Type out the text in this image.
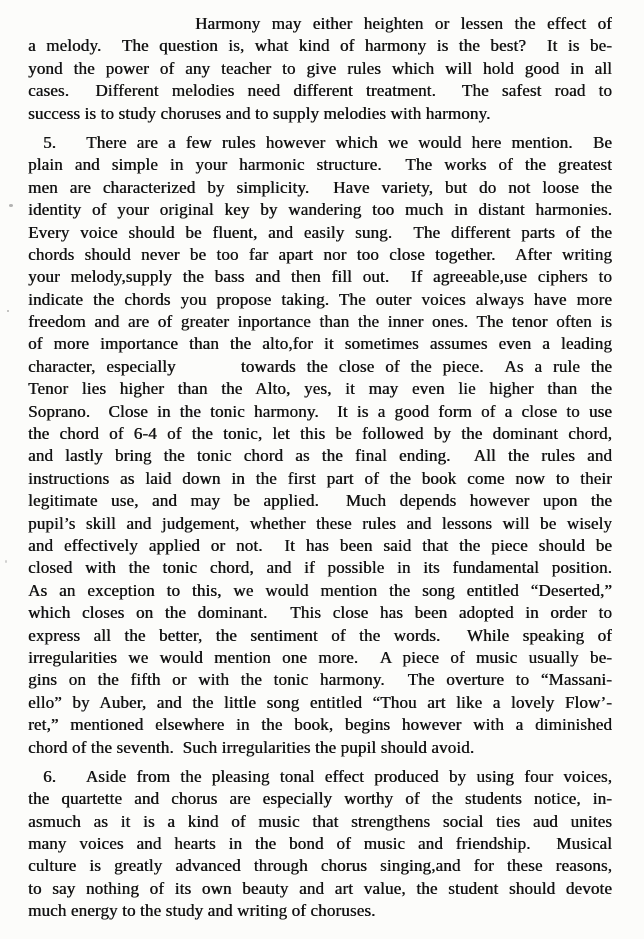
Harmony may either heighten or lessen the effect of
a melody.  The question is, what kind of harmony is the best?  It is be-
yond the power of any teacher to give rules which will hold good in all
cases.  Different melodies need different treatment.  The safest road to
success is to study choruses and to supply melodies with harmony.
5.   There are a few rules however which we would here mention.  Be
plain and simple in your harmonic structure.  The works of the greatest
men are characterized by simplicity.  Have variety, but do not loose the
identity of your original key by wandering too much in distant harmonies.
Every voice should be fluent, and easily sung.  The different parts of the
chords should never be too far apart nor too close together.  After writing
your melody,supply the bass and then fill out.  If agreeable,use ciphers to
indicate the chords you propose taking. The outer voices always have more
freedom and are of greater inportance than the inner ones. The tenor often is
of more importance than the alto,for it sometimes assumes even a leading
character, especially      towards the close of the piece.  As a rule the
Tenor lies higher than the Alto, yes, it may even lie higher than the
Soprano.  Close in the tonic harmony.  It is a good form of a close to use
the chord of 6-4 of the tonic, let this be followed by the dominant chord,
and lastly bring the tonic chord as the final ending.  All the rules and
instructions as laid down in the first part of the book come now to their
legitimate use, and may be applied.  Much depends however upon the
pupil’s skill and judgement, whether these rules and lessons will be wisely
and effectively applied or not.  It has been said that the piece should be
closed with the tonic chord, and if possible in its fundamental position.
As an exception to this, we would mention the song entitled “Deserted,”
which closes on the dominant.  This close has been adopted in order to
express all the better, the sentiment of the words.  While speaking of
irregularities we would mention one more.  A piece of music usually be-
gins on the fifth or with the tonic harmony.  The overture to “Massani-
ello” by Auber, and the little song entitled “Thou art like a lovely Flow’-
ret,” mentioned elsewhere in the book, begins however with a diminished
chord of the seventh.  Such irregularities the pupil should avoid.
6.   Aside from the pleasing tonal effect produced by using four voices,
the quartette and chorus are especially worthy of the students notice, in-
asmuch as it is a kind of music that strengthens social ties aud unites
many voices and hearts in the bond of music and friendship.  Musical
culture is greatly advanced through chorus singing,and for these reasons,
to say nothing of its own beauty and art value, the student should devote
much energy to the study and writing of choruses.
